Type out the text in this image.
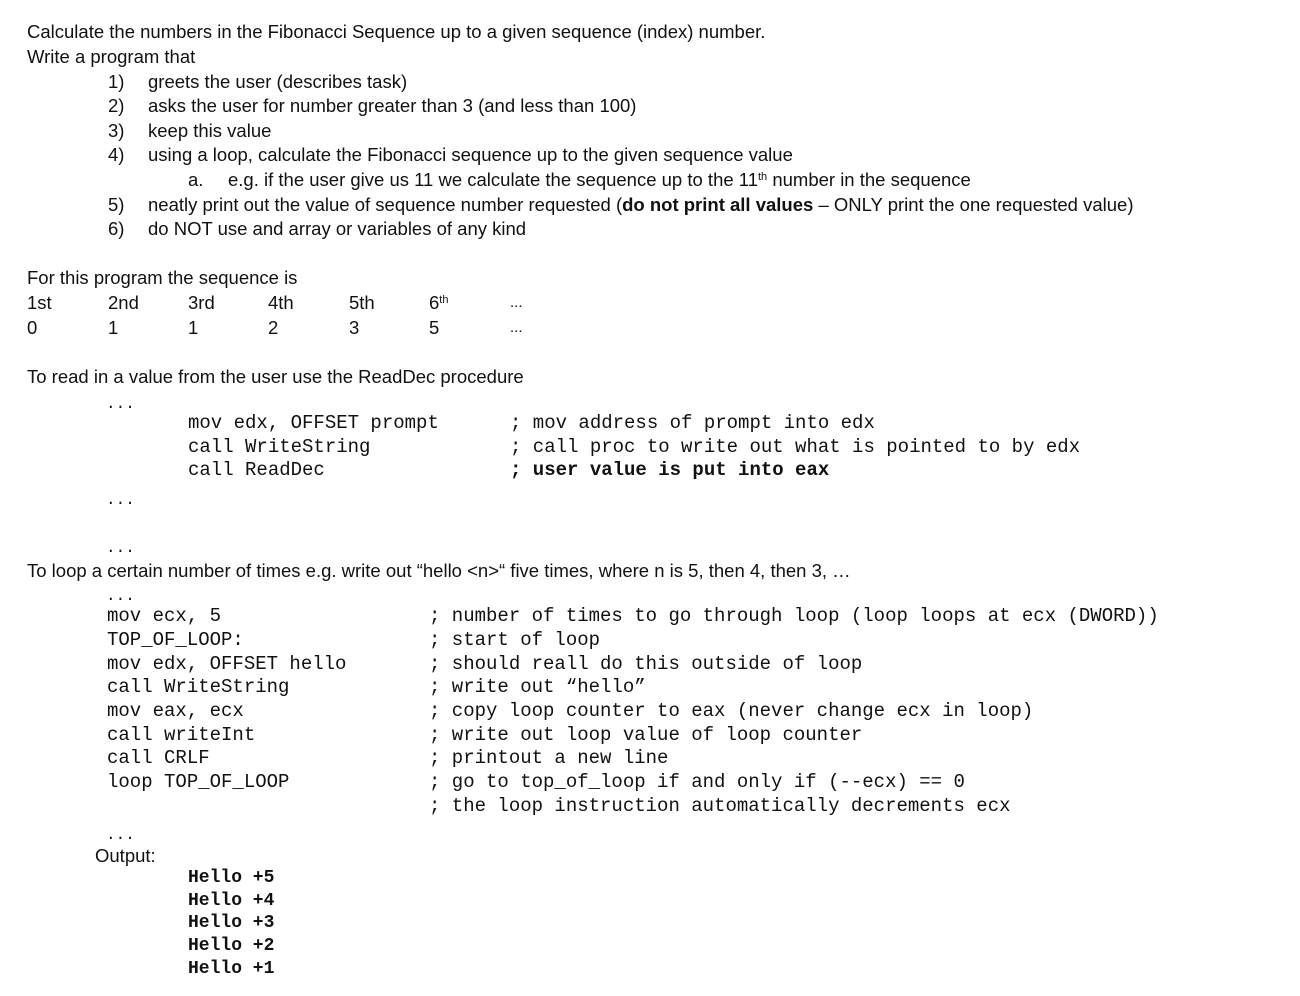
Calculate the numbers in the Fibonacci Sequence up to a given sequence (index) number.
Write a program that
1) greets the user (describes task)
2) asks the user for number greater than 3 (and less than 100)
3) keep this value
4) using a loop, calculate the Fibonacci sequence up to the given sequence value
a. e.g. if the user give us 11 we calculate the sequence up to the 11th number in the sequence
5) neatly print out the value of sequence number requested (do not print all values – ONLY print the one requested value)
6) do NOT use and array or variables of any kind
For this program the sequence is
1st	2nd	3rd	4th	5th	6th	...
0	1	1	2	3	5	...
To read in a value from the user use the ReadDec procedure
...
mov edx, OFFSET prompt	; mov address of prompt into edx
call WriteString	; call proc to write out what is pointed to by edx
call ReadDec	; user value is put into eax
...
...
To loop a certain number of times e.g. write out “hello <n>“ five times, where n is 5, then 4, then 3, …
...
mov ecx, 5	; number of times to go through loop (loop loops at ecx (DWORD))
TOP_OF_LOOP:	; start of loop
mov edx, OFFSET hello	; should reall do this outside of loop
call WriteString	; write out “hello”
mov eax, ecx	; copy loop counter to eax (never change ecx in loop)
call writeInt	; write out loop value of loop counter
call CRLF	; printout a new line
loop TOP_OF_LOOP	; go to top_of_loop if and only if (--ecx) == 0
; the loop instruction automatically decrements ecx
...
Output:
Hello +5
Hello +4
Hello +3
Hello +2
Hello +1
